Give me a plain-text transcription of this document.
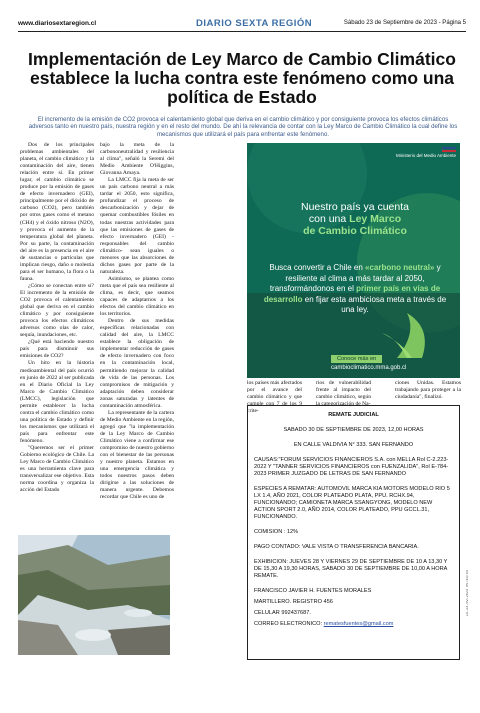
www.diariosextaregion.cl	DIARIO SEXTA REGIÓN	Sábado 23 de Septiembre de 2023 - Página 5
Implementación de Ley Marco de Cambio Climático establece la lucha contra este fenómeno como una política de Estado

El incremento de la emisión de CO2 provoca el calentamiento global que deriva en el cambio climático y por consiguiente provoca los efectos climáticos adversos tanto en nuestro país, nuestra región y en el resto del mundo. De ahí la relevancia de contar con la Ley Marco de Cambio Climático la cual define los mecanismos que utilizará el país para enfrentar este fenómeno.

Dos de los principales problemas ambientales del planeta, el cambio climático y la contaminación del aire, tienen relación entre sí. En primer lugar, el cambio climático se produce por la emisión de gases de efecto invernadero (GEI), principalmente por el dióxido de carbono (CO2), pero también por otros gases como el metano (CH4) y el óxido nitroso (N2O), y provoca el aumento de la temperatura global del planeta. Por su parte, la contaminación del aire es la presencia en el aire de sustancias o partículas que implican riesgo, daño o molestia para el ser humano, la flora o la fauna.

¿Cómo se conectan entre sí? El incremento de la emisión de CO2 provoca el calentamiento global que deriva en el cambio climático y por consiguiente provoca los efectos climáticos adversos como olas de calor, sequía, inundaciones, etc.

¿Qué está haciendo nuestro país para disminuir sus emisiones de CO2?

Un hito en la historia medioambiental del país ocurrió en junio de 2022 al ser publicada en el Diario Oficial la Ley Marco de Cambio Climático (LMCC), legislación que permite establecer la lucha contra el cambio climático como una política de Estado y definir los mecanismos que utilizará el país para enfrentar este fenómeno.

"Queremos ser el primer Gobierno ecológico de Chile. La Ley Marco de Cambio Climático es una herramienta clave para transversalizar ese objetivo. Esta norma coordina y organiza la acción del Estado

bajo la meta de la carbononeutralidad y resiliencia al clima", señaló la Seremi del Medio Ambiente O'Higgins, Giovanna Amaya.

La LMCC fija la meta de ser un país carbono neutral a más tardar el 2050, esto significa, profundizar el proceso de descarbonización y dejar de quemar combustibles fósiles en todas nuestras actividades para que las emisiones de gases de efecto invernadero (GEI) - responsables del cambio climático- sean iguales o menores que las absorciones de dichos gases por parte de la naturaleza.

Asimismo, se plantea como meta que el país sea resiliente al clima, es decir, que seamos capaces de adaptarnos a los efectos del cambio climático en los territorios.

Dentro de sus medidas específicas relacionadas con calidad del aire, la LMCC establece la obligación de implementar reducción de gases de efecto invernadero con foco en la contaminación local, permitiendo mejorar la calidad de vida de las personas. Los compromisos de mitigación y adaptación deben considerar zonas saturadas y latentes de contaminación atmosférica.

La representante de la cartera de Medio Ambiente en la región, agregó que "la implementación de la Ley Marco de Cambio Climático viene a confirmar ese compromiso de nuestro gobierno con el bienestar de las personas y nuestro planeta. Estamos en una emergencia climática y todos nuestros pasos deben dirigirse a las soluciones de manera urgente. Debemos recordar que Chile es uno de

Ministerio del Medio Ambiente
Nuestro país ya cuenta
con una Ley Marco
de Cambio Climático
Busca convertir a Chile en «carbono neutral» y resiliente al clima a más tardar al 2050, transformándonos en el primer país en vías de desarrollo en fijar esta ambiciosa meta a través de una ley.
Conoce más en
cambioclimatico.mma.gob.cl
los países más afectados por el avance del cambio climático y que cumple con 7 de los 9 crite-
rios de vulnerabilidad frente al impacto del cambio climático, según la categorización de Na-
ciones Unidas. Estamos trabajando para proteger a la ciudadanía", finalizó.
REMATE JUDICIAL
SABADO 30 DE SEPTIEMBRE DE 2023, 12,00 HORAS
EN CALLE VALDIVIA N° 333. SAN FERNANDO
CAUSAS:"FORUM SERVICIOS FINANCIEROS S.A. con MELLA Rol C-2.223-2022 Y "TANNER SERVICIOS FINANCIEROS con FUENZALIDA", Rol E-784-2023 PRIMER JUZGADO DE LETRAS DE SAN FERNANDO
ESPECIES A REMATAR: AUTOMOVIL MARCA KIA MOTORS MODELO RIO 5 LX 1.4, AÑO 2021, COLOR PLATEADO PLATA, PPU. RCHX.94, FUNCIONANDO; CAMIONETA MARCA SSANGYONG, MODELO NEW ACTION SPORT 2.0, AÑO 2014, COLOR PLATEADO, PPU GCCL.31, FUNCIONANDO.
COMISION : 12%
PAGO CONTADO: VALE VISTA O TRANSFERENCIA BANCARIA.
EXHIBICION: JUEVES 28 Y VIERNES 29 DE SEPTIEMBRE DE 10 A 13,30 Y DE 15,30 A 19,30 HORAS, SABADO 30 DE SEPTIEMBRE DE 10,00 A HORA REMATE.
FRANCISCO JAVIER H. FUENTES MORALES
MARTILLERO. REGISTRO 456
CELULAR 992437687.
CORREO ELECTRONICO: rematesfuentes@gmail.com
CS-23-09-2023 05:43:03
